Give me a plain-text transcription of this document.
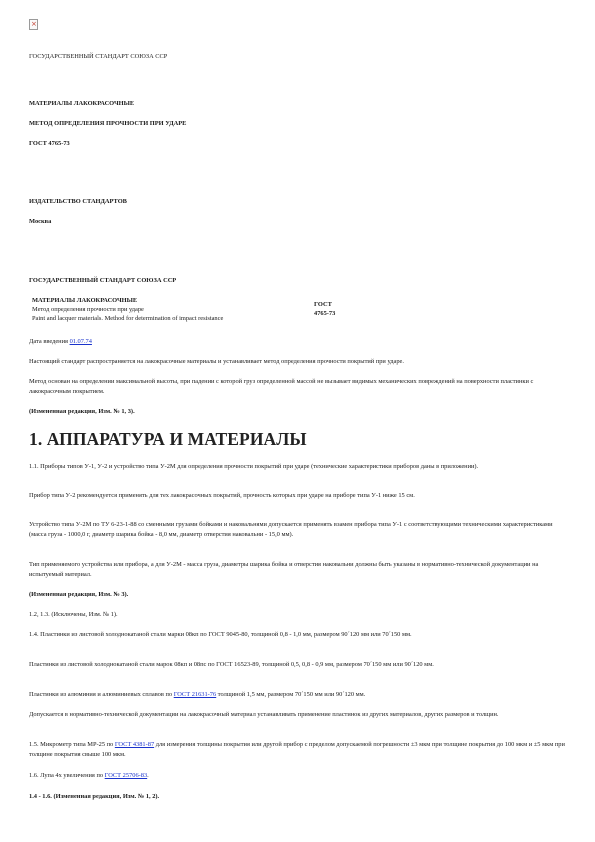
×
ГОСУДАРСТВЕННЫЙ СТАНДАРТ СОЮЗА ССР
МАТЕРИАЛЫ ЛАКОКРАСОЧНЫЕ
МЕТОД ОПРЕДЕЛЕНИЯ ПРОЧНОСТИ ПРИ УДАРЕ
ГОСТ 4765-73
ИЗДАТЕЛЬСТВО СТАНДАРТОВ
Москва
ГОСУДАРСТВЕННЫЙ СТАНДАРТ СОЮЗА ССР
МАТЕРИАЛЫ ЛАКОКРАСОЧНЫЕ
Метод определения прочности при ударе
Paint and lacquer materials. Method for determination of impact resistance
ГОСТ
4765-73
Дата введения 01.07.74
Настоящий стандарт распространяется на лакокрасочные материалы и устанавливает метод определения прочности покрытий при ударе.
Метод основан на определении максимальной высоты, при падении с которой груз определенной массой не вызывает видимых механических повреждений на поверхности пластинки с лакокрасочным покрытием.
(Измененная редакция, Изм. № 1, 3).
1. АППАРАТУРА И МАТЕРИАЛЫ
1.1. Приборы типов У-1, У-2 и устройство типа У-2М для определения прочности покрытий при ударе (технические характеристики приборов даны в приложении).
Прибор типа У-2 рекомендуется применять для тех лакокрасочных покрытий, прочность которых при ударе на приборе типа У-1 ниже 15 см.
Устройство типа У-2М по ТУ 6-23-1-88 со сменными грузами бойками и наковальнями допускается применять взамен прибора типа У-1 с соответствующими техническими характеристиками (масса груза - 1000,0 г, диаметр шарика бойка - 8,0 мм, диаметр отверстия наковальни - 15,0 мм).
Тип применяемого устройства или прибора, а для У-2М - масса груза, диаметры шарика бойка и отверстия наковальни должны быть указаны в нормативно-технической документации на испытуемый материал.
(Измененная редакция, Изм. № 3).
1.2, 1.3. (Исключены, Изм. № 1).
1.4. Пластинки из листовой холоднокатаной стали марки 08кп по ГОСТ 9045-80, толщиной 0,8 - 1,0 мм, размером 90´120 мм или 70´150 мм.
Пластинки из листовой холоднокатаной стали марок 08кп и 08пс по ГОСТ 16523-89, толщиной 0,5, 0,8 - 0,9 мм, размером 70´150 мм или 90´120 мм.
Пластинки из алюминия и алюминиевых сплавов по ГОСТ 21631-76 толщиной 1,5 мм, размером 70´150 мм или 90´120 мм.
Допускается в нормативно-технической документации на лакокрасочный материал устанавливать применение пластинок из других материалов, других размеров и толщин.
1.5. Микрометр типа МР-25 по ГОСТ 4381-87 для измерения толщины покрытия или другой прибор с пределом допускаемой погрешности ±3 мкм при толщине покрытия до 100 мкм и ±5 мкм при толщине покрытия свыше 100 мкм.
1.6. Лупа 4х увеличения по ГОСТ 25706-83.
1.4 - 1.6. (Измененная редакция, Изм. № 1, 2).
